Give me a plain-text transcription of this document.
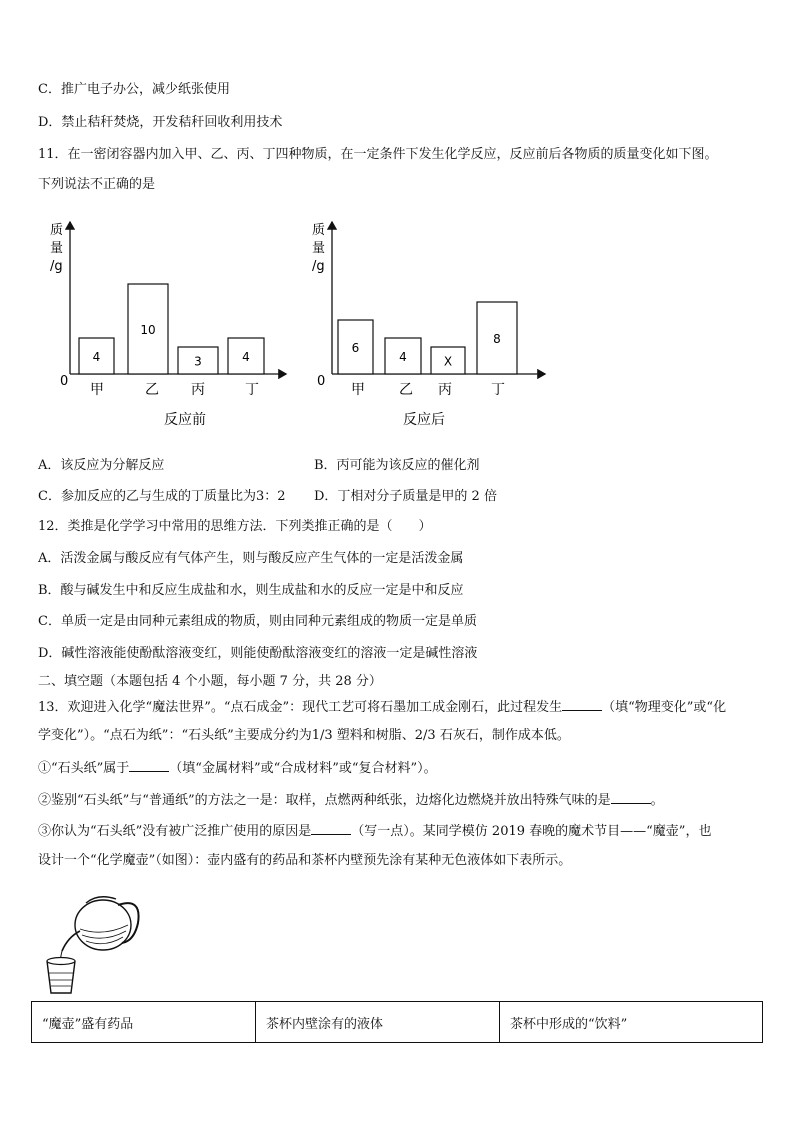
C．推广电子办公，减少纸张使用
D．禁止秸秆焚烧，开发秸秆回收利用技术
11．在一密闭容器内加入甲、乙、丙、丁四种物质，在一定条件下发生化学反应，反应前后各物质的质量变化如下图。
下列说法不正确的是
质
量
/g
0
反应前
4
甲
10
乙
3
丙
4
丁
质
量
/g
0
反应后
6
甲
4
乙
X
丙
8
丁
A．该反应为分解反应	B．丙可能为该反应的催化剂
C．参加反应的乙与生成的丁质量比为3：2 D．丁相对分子质量是甲的 2 倍
12．类推是化学学习中常用的思维方法．下列类推正确的是（　　）
A．活泼金属与酸反应有气体产生，则与酸反应产生气体的一定是活泼金属
B．酸与碱发生中和反应生成盐和水，则生成盐和水的反应一定是中和反应
C．单质一定是由同种元素组成的物质，则由同种元素组成的物质一定是单质
D．碱性溶液能使酚酞溶液变红，则能使酚酞溶液变红的溶液一定是碱性溶液
二、填空题（本题包括 4 个小题，每小题 7 分，共 28 分）
13．欢迎进入化学“魔法世界”。“点石成金”：现代工艺可将石墨加工成金刚石，此过程发生	（填“物理变化”或“化
学变化”）。“点石为纸”：“石头纸”主要成分约为1/3 塑料和树脂、2/3 石灰石，制作成本低。
①“石头纸”属于	（填“金属材料”或“合成材料”或“复合材料”）。
②鉴别“石头纸”与“普通纸”的方法之一是：取样，点燃两种纸张，边熔化边燃烧并放出特殊气味的是	。
③你认为“石头纸”没有被广泛推广使用的原因是	（写一点）。某同学模仿 2019 春晚的魔术节目——“魔壶”，也
设计一个“化学魔壶”（如图）：壶内盛有的药品和茶杯内壁预先涂有某种无色液体如下表所示。
“魔壶”盛有药品	茶杯内壁涂有的液体	茶杯中形成的“饮料”
